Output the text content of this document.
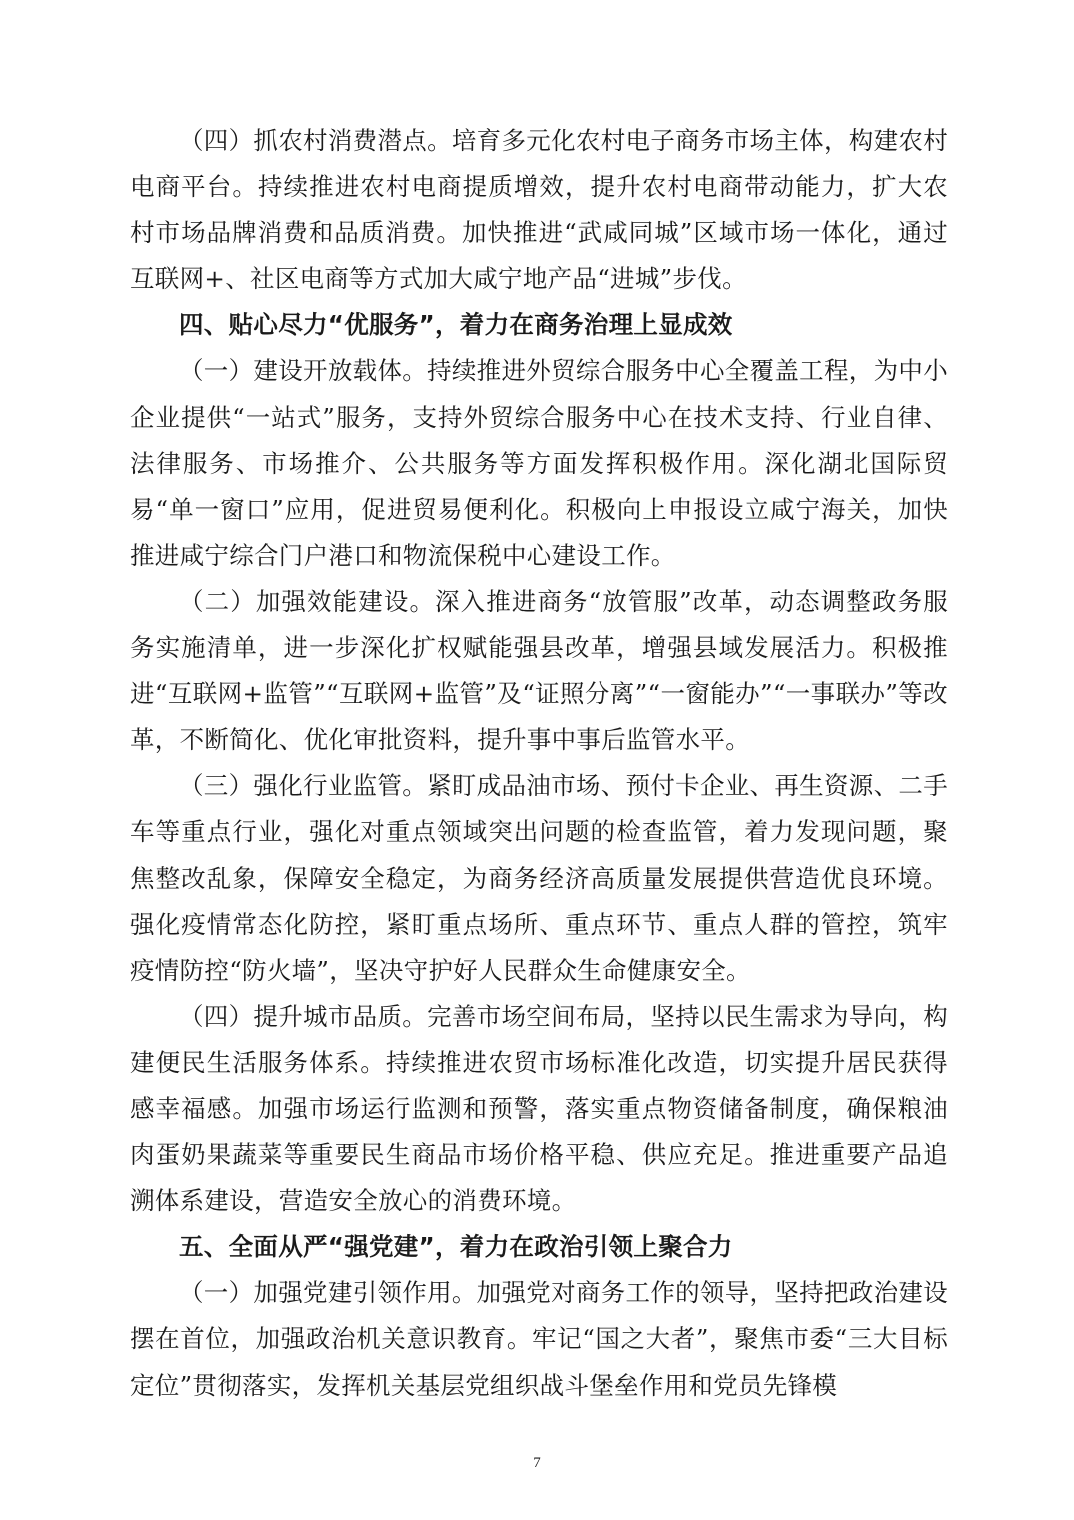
（四）抓农村消费潜点。培育多元化农村电子商务市场主体，构建农村电商平台。持续推进农村电商提质增效，提升农村电商带动能力，扩大农村市场品牌消费和品质消费。加快推进“武咸同城”区域市场一体化，通过互联网+、社区电商等方式加大咸宁地产品“进城”步伐。

四、贴心尽力“优服务”，着力在商务治理上显成效

（一）建设开放载体。持续推进外贸综合服务中心全覆盖工程，为中小企业提供“一站式”服务，支持外贸综合服务中心在技术支持、行业自律、法律服务、市场推介、公共服务等方面发挥积极作用。深化湖北国际贸易“单一窗口”应用，促进贸易便利化。积极向上申报设立咸宁海关，加快推进咸宁综合门户港口和物流保税中心建设工作。

（二）加强效能建设。深入推进商务“放管服”改革，动态调整政务服务实施清单，进一步深化扩权赋能强县改革，增强县域发展活力。积极推进“互联网+监管”“互联网+监管”及“证照分离”“一窗能办”“一事联办”等改革，不断简化、优化审批资料，提升事中事后监管水平。

（三）强化行业监管。紧盯成品油市场、预付卡企业、再生资源、二手车等重点行业，强化对重点领域突出问题的检查监管，着力发现问题，聚焦整改乱象，保障安全稳定，为商务经济高质量发展提供营造优良环境。强化疫情常态化防控，紧盯重点场所、重点环节、重点人群的管控，筑牢疫情防控“防火墙”，坚决守护好人民群众生命健康安全。

（四）提升城市品质。完善市场空间布局，坚持以民生需求为导向，构建便民生活服务体系。持续推进农贸市场标准化改造，切实提升居民获得感幸福感。加强市场运行监测和预警，落实重点物资储备制度，确保粮油肉蛋奶果蔬菜等重要民生商品市场价格平稳、供应充足。推进重要产品追溯体系建设，营造安全放心的消费环境。

五、全面从严“强党建”，着力在政治引领上聚合力

（一）加强党建引领作用。加强党对商务工作的领导，坚持把政治建设摆在首位，加强政治机关意识教育。牢记“国之大者”，聚焦市委“三大目标定位”贯彻落实，发挥机关基层党组织战斗堡垒作用和党员先锋模

7
